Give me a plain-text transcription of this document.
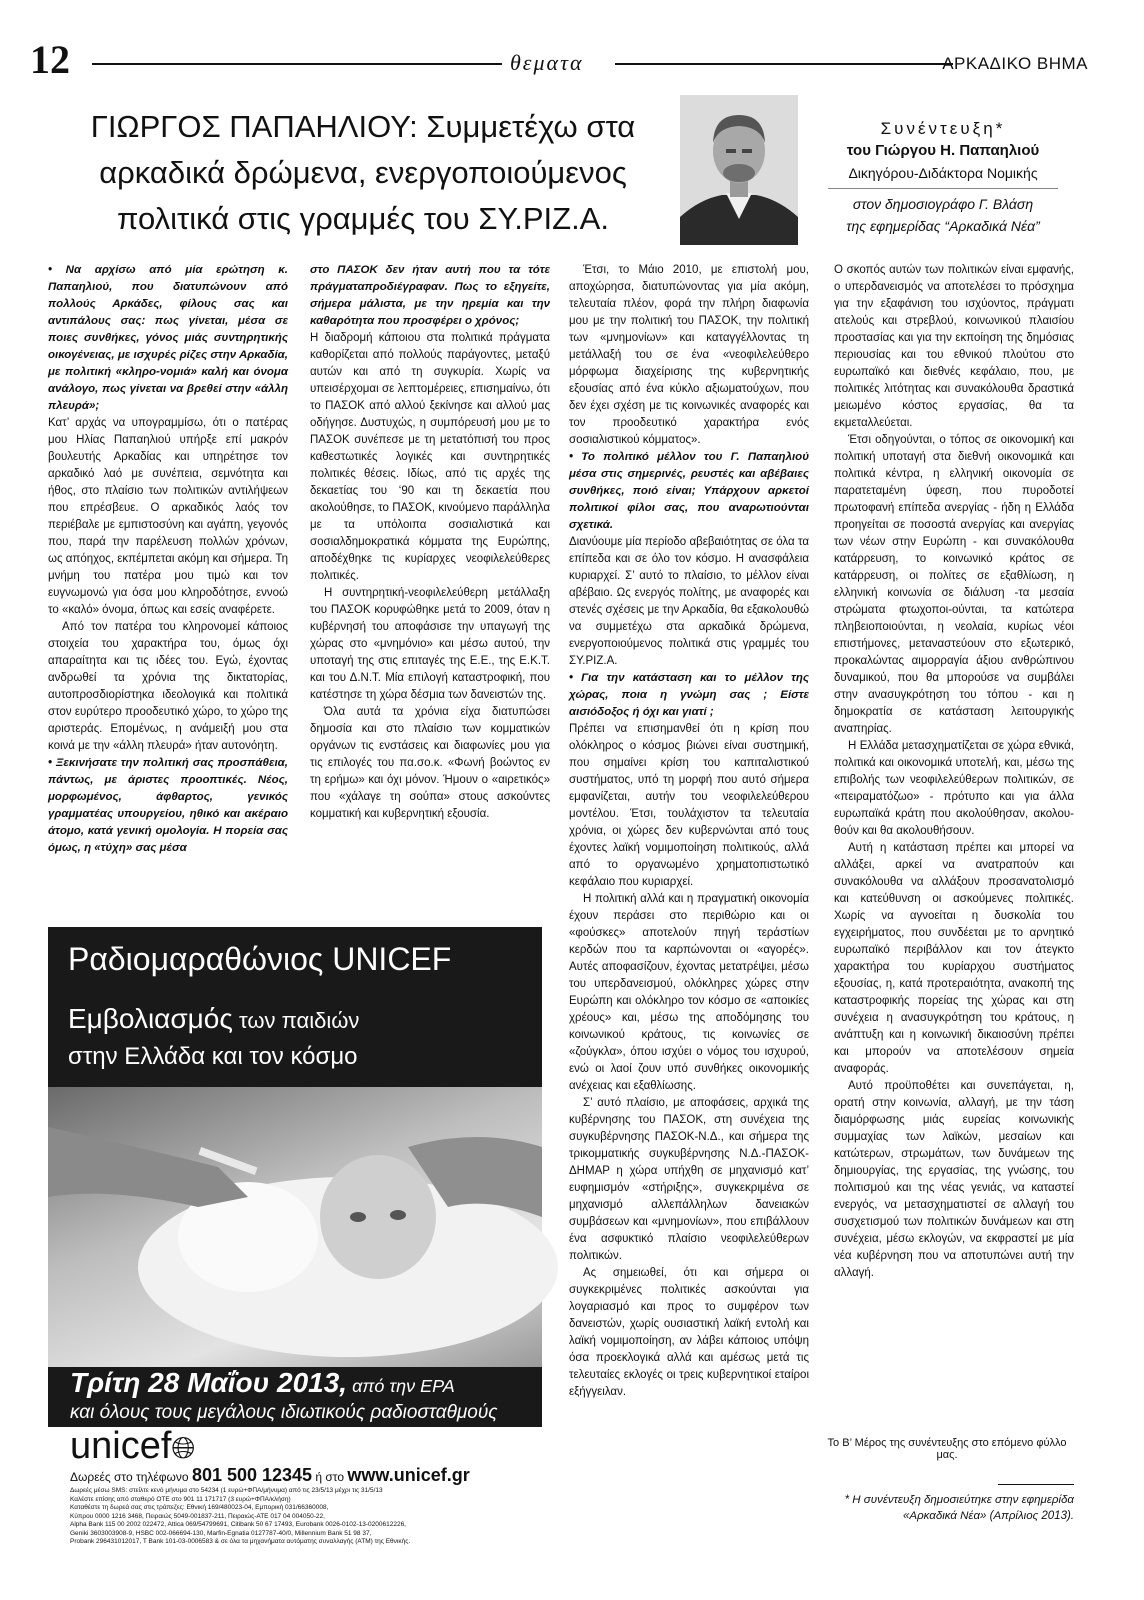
12	θεματα	ΑΡΚΑΔΙΚΟ ΒΗΜΑ
ΓΙΩΡΓΟΣ ΠΑΠΑΗΛΙΟΥ: Συμμετέχω στα
αρκαδικά δρώμενα, ενεργοποιούμενος
πολιτικά στις γραμμές του ΣΥ.ΡΙΖ.Α.
Συνέντευξη*
του Γιώργου Η. Παπαηλιού
Δικηγόρου-Διδάκτορα Νομικής
στον δημοσιογράφο Γ. Βλάση
της εφημερίδας “Αρκαδικά Νέα”

• Να αρχίσω από μία ερώτηση κ. Παπαηλιού, που διατυπώνουν από πολλούς Αρκάδες, φίλους σας και αντιπάλους σας: πως γίνεται, μέσα σε ποιες συνθήκες, γόνος μιάς συντηρητικής οικογένειας, με ισχυρές ρίζες στην Αρκαδία, με πολιτική «κληρο-νομιά» καλή και όνομα ανάλογο, πως γίνεται να βρεθεί στην «άλλη πλευρά»;

Κατ’ αρχάς να υπογραμμίσω, ότι ο πατέρας μου Ηλίας Παπαηλιού υπήρξε επί μακρόν βουλευτής Αρκαδίας και υπηρέτησε τον αρκαδικό λαό με συνέπεια, σεμνότητα και ήθος, στο πλαίσιο των πολιτικών αντιλήψεων που επρέσβευε. Ο αρκαδικός λαός τον περιέβαλε με εμπιστοσύνη και αγάπη, γεγονός που, παρά την παρέλευση πολλών χρόνων, ως απόηχος, εκπέμπεται ακόμη και σήμερα. Τη μνήμη του πατέρα μου τιμώ και τον ευγνωμονώ για όσα μου κληροδότησε, εννοώ το «καλό» όνομα, όπως και εσείς αναφέρετε.

Από τον πατέρα του κληρονομεί κάποιος στοιχεία του χαρακτήρα του, όμως όχι απαραίτητα και τις ιδέες του. Εγώ, έχοντας ανδρωθεί τα χρόνια της δικτατορίας, αυτοπροσδιορίστηκα ιδεολογικά και πολιτικά στον ευρύτερο προοδευτικό χώρο, το χώρο της αριστεράς. Επομένως, η ανάμειξή μου στα κοινά με την «άλλη πλευρά» ήταν αυτονόητη.

• Ξεκινήσατε την πολιτική σας προσπάθεια, πάντως, με άριστες προοπτικές. Νέος, μορφωμένος, άφθαρτος, γενικός γραμματέας υπουργείου, ηθικό και ακέραιο άτομο, κατά γενική ομολογία. Η πορεία σας όμως, η «τύχη» σας μέσα

στο ΠΑΣΟΚ δεν ήταν αυτή που τα τότε πράγματαπροδιέγραφαν. Πως το εξηγείτε, σήμερα μάλιστα, με την ηρεμία και την καθαρότητα που προσφέρει ο χρόνος;

Η διαδρομή κάποιου στα πολιτικά πράγματα καθορίζεται από πολλούς παράγοντες, μεταξύ αυτών και από τη συγκυρία. Χωρίς να υπεισέρχομαι σε λεπτομέρειες, επισημαίνω, ότι το ΠΑΣΟΚ από αλλού ξεκίνησε και αλλού μας οδήγησε. Δυστυχώς, η συμπόρευσή μου με το ΠΑΣΟΚ συνέπεσε με τη μετατόπισή του προς καθεστωτικές λογικές και συντηρητικές πολιτικές θέσεις. Ιδίως, από τις αρχές της δεκαετίας του ‘90 και τη δεκαετία που ακολούθησε, το ΠΑΣΟΚ, κινούμενο παράλληλα με τα υπόλοιπα σοσιαλιστικά και σοσιαλδημοκρατικά κόμματα της Ευρώπης, αποδέχθηκε τις κυρίαρχες νεοφιλελεύθερες πολιτικές.

Η συντηρητική-νεοφιλελεύθερη μετάλλαξη του ΠΑΣΟΚ κορυφώθηκε μετά το 2009, όταν η κυβέρνησή του αποφάσισε την υπαγωγή της χώρας στο «μνημόνιο» και μέσω αυτού, την υποταγή της στις επιταγές της Ε.Ε., της Ε.Κ.Τ. και του Δ.Ν.Τ. Μία επιλογή καταστροφική, που κατέστησε τη χώρα δέσμια των δανειστών της.

Όλα αυτά τα χρόνια είχα διατυπώσει δημοσία και στο πλαίσιο των κομματικών οργάνων τις ενστάσεις και διαφωνίες μου για τις επιλογές του πα.σο.κ. «Φωνή βοώντος εν τη ερήμω» και όχι μόνον. Ήμουν ο «αιρετικός» που «χάλαγε τη σούπα» στους ασκούντες κομματική και κυβερνητική εξουσία.

Έτσι, το Μάιο 2010, με επιστολή μου, αποχώρησα, διατυπώνοντας για μία ακόμη, τελευταία πλέον, φορά την πλήρη διαφωνία μου με την πολιτική του ΠΑΣΟΚ, την πολιτική των «μνημονίων» και καταγγέλλοντας τη μετάλλαξή του σε ένα «νεοφιλελεύθερο μόρφωμα διαχείρισης της κυβερνητικής εξουσίας από ένα κύκλο αξιωματούχων, που δεν έχει σχέση με τις κοινωνικές αναφορές και τον προοδευτικό χαρακτήρα ενός σοσιαλιστικού κόμματος».

• Το πολιτικό μέλλον του Γ. Παπαηλιού μέσα στις σημερινές, ρευστές και αβέβαιες συνθήκες, ποιό είναι; Υπάρχουν αρκετοί πολιτικοί φίλοι σας, που αναρωτιούνται σχετικά.

Διανύουμε μία περίοδο αβεβαιότητας σε όλα τα επίπεδα και σε όλο τον κόσμο. Η ανασφάλεια κυριαρχεί. Σ’ αυτό το πλαίσιο, το μέλλον είναι αβέβαιο. Ως ενεργός πολίτης, με αναφορές και στενές σχέσεις με την Αρκαδία, θα εξακολουθώ να συμμετέχω στα αρκαδικά δρώμενα, ενεργοποιούμενος πολιτικά στις γραμμές του ΣΥ.ΡΙΖ.Α.

• Για την κατάσταση και το μέλλον της χώρας, ποια η γνώμη σας ; Είστε αισιόδοξος ή όχι και γιατί ;

Πρέπει να επισημανθεί ότι η κρίση που ολόκληρος ο κόσμος βιώνει είναι συστημική, που σημαίνει κρίση του καπιταλιστικού συστήματος, υπό τη μορφή που αυτό σήμερα εμφανίζεται, αυτήν του νεοφιλελεύθερου μοντέλου. Έτσι, τουλάχιστον τα τελευταία χρόνια, οι χώρες δεν κυβερνώνται από τους έχοντες λαϊκή νομιμοποίηση πολιτικούς, αλλά από το οργανωμένο χρηματοπιστωτικό κεφάλαιο που κυριαρχεί.

Η πολιτική αλλά και η πραγματική οικονομία έχουν περάσει στο περιθώριο και οι «φούσκες» αποτελούν πηγή τεράστίων κερδών που τα καρπώνονται οι «αγορές». Αυτές αποφασίζουν, έχοντας μετατρέψει, μέσω του υπερδανεισμού, ολόκληρες χώρες στην Ευρώπη και ολόκληρο τον κόσμο σε «αποικίες χρέους» και, μέσω της αποδόμησης του κοινωνικού κράτους, τις κοινωνίες σε «ζούγκλα», όπου ισχύει ο νόμος του ισχυρού, ενώ οι λαοί ζουν υπό συνθήκες οικονομικής ανέχειας και εξαθλίωσης.

Σ’ αυτό πλαίσιο, με αποφάσεις, αρχικά της κυβέρνησης του ΠΑΣΟΚ, στη συνέχεια της συγκυβέρνησης ΠΑΣΟΚ-Ν.Δ., και σήμερα της τρικομματικής συγκυβέρνησης Ν.Δ.-ΠΑΣΟΚ-ΔΗΜΑΡ η χώρα υπήχθη σε μηχανισμό κατ’ ευφημισμόν «στήριξης», συγκεκριμένα σε μηχανισμό αλλεπάλληλων δανειακών συμβάσεων και «μνημονίων», που επιβάλλουν ένα ασφυκτικό πλαίσιο νεοφιλελεύθερων πολιτικών.

Ας σημειωθεί, ότι και σήμερα οι συγκεκριμένες πολιτικές ασκούνται για λογαριασμό και προς το συμφέρον των δανειστών, χωρίς ουσιαστική λαϊκή εντολή και λαϊκή νομιμοποίηση, αν λάβει κάποιος υπόψη όσα προεκλογικά αλλά και αμέσως μετά τις τελευταίες εκλογές οι τρεις κυβερνητικοί εταίροι εξήγγειλαν.

Ο σκοπός αυτών των πολιτικών είναι εμφανής, ο υπερδανεισμός να αποτελέσει το πρόσχημα για την εξαφάνιση του ισχύοντος, πράγματι ατελούς και στρεβλού, κοινωνικού πλαισίου προστασίας και για την εκποίηση της δημόσιας περιουσίας και του εθνικού πλούτου στο ευρωπαϊκό και διεθνές κεφάλαιο, που, με πολιτικές λιτότητας και συνακόλουθα δραστικά μειωμένο κόστος εργασίας, θα τα εκμεταλλεύεται.

Έτσι οδηγούνται, ο τόπος σε οικονομική και πολιτική υποταγή στα διεθνή οικονομικά και πολιτικά κέντρα, η ελληνική οικονομία σε παρατεταμένη ύφεση, που πυροδοτεί πρωτοφανή επίπεδα ανεργίας - ήδη η Ελλάδα προηγείται σε ποσοστά ανεργίας και ανεργίας των νέων στην Ευρώπη - και συνακόλουθα κατάρρευση, το κοινωνικό κράτος σε κατάρρευση, οι πολίτες σε εξαθλίωση, η ελληνική κοινωνία σε διάλυση -τα μεσαία στρώματα φτωχοποι-ούνται, τα κατώτερα πληβειοποιούνται, η νεολαία, κυρίως νέοι επιστήμονες, μεταναστεύουν στο εξωτερικό, προκαλώντας αιμορραγία άξιου ανθρώπινου δυναμικού, που θα μπορούσε να συμβάλει στην ανασυγκρότηση του τόπου - και η δημοκρατία σε κατάσταση λειτουργικής αναπηρίας.

Η Ελλάδα μετασχηματίζεται σε χώρα εθνικά, πολιτικά και οικονομικά υποτελή, και, μέσω της επιβολής των νεοφιλελεύθερων πολιτικών, σε «πειραματόζωο» - πρότυπο και για άλλα ευρωπαϊκά κράτη που ακολούθησαν, ακολου-θούν και θα ακολουθήσουν.

Αυτή η κατάσταση πρέπει και μπορεί να αλλάξει, αρκεί να ανατραπούν και συνακόλουθα να αλλάξουν προσανατολισμό και κατεύθυνση οι ασκούμενες πολιτικές. Χωρίς να αγνοείται η δυσκολία του εγχειρήματος, που συνδέεται με το αρνητικό ευρωπαϊκό περιβάλλον και τον άτεγκτο χαρακτήρα του κυρίαρχου συστήματος εξουσίας, η, κατά προτεραιότητα, ανακοπή της καταστροφικής πορείας της χώρας και στη συνέχεια η ανασυγκρότηση του κράτους, η ανάπτυξη και η κοινωνική δικαιοσύνη πρέπει και μπορούν να αποτελέσουν σημεία αναφοράς.

Αυτό προϋποθέτει και συνεπάγεται, η, ορατή στην κοινωνία, αλλαγή, με την τάση διαμόρφωσης μιάς ευρείας κοινωνικής συμμαχίας των λαϊκών, μεσαίων και κατώτερων, στρωμάτων, των δυνάμεων της δημιουργίας, της εργασίας, της γνώσης, του πολιτισμού και της νέας γενιάς, να καταστεί ενεργός, να μετασχηματιστεί σε αλλαγή του συσχετισμού των πολιτικών δυνάμεων και στη συνέχεια, μέσω εκλογών, να εκφραστεί με μία νέα κυβέρνηση που να αποτυπώνει αυτή την αλλαγή.

Το Β’ Μέρος της συνέντευξης στο επόμενο φύλλο μας.
* Η συνέντευξη δημοσιεύτηκε στην εφημερίδα «Αρκαδικά Νέα» (Απρίλιος 2013).
Ραδιομαραθώνιος UNICEF
Εμβολιασμός των παιδιών
στην Ελλάδα και τον κόσμο
Τρίτη 28 Μαΐου 2013, από την ΕΡΑ
και όλους τους μεγάλους ιδιωτικούς ραδιοσταθμούς
unicef🌐︎
Δωρεές στο τηλέφωνο 801 500 12345 ή στο www.unicef.gr
Δωρεές μέσω SMS: στείλτε κενό μήνυμα στο 54234 (1 ευρώ+ΦΠΑ/μήνυμα) από τις 23/5/13 μέχρι τις 31/5/13
Καλέστε επίσης από σταθερό ΟΤΕ στο 901 11 171717 (3 ευρώ+ΦΠΑ/κλήση)
Καταθέστε τη δωρεά σας στις τράπεζες: Εθνική 169/480023-04, Εμπορική 031/66360008,
Κύπρου 0000 1216 3468, Πειραιώς 5049-001837-211, Πειραιώς-ATE 017 04 004050-22,
Alpha Bank 115 00 2002 022472, Attica 069/54799691, Citibank 50 67 17493, Eurobank 0026-0102-13-0200612226,
Geniki 3603003908-9, HSBC 002-066694-130, Marfin-Egnatia 0127787-40/0, Millennium Bank 51 98 37,
Probank 296431012017, T Bank 101-03-0006583 & σε όλα τα μηχανήματα αυτόματης συναλλαγής (ATM) της Εθνικής.
